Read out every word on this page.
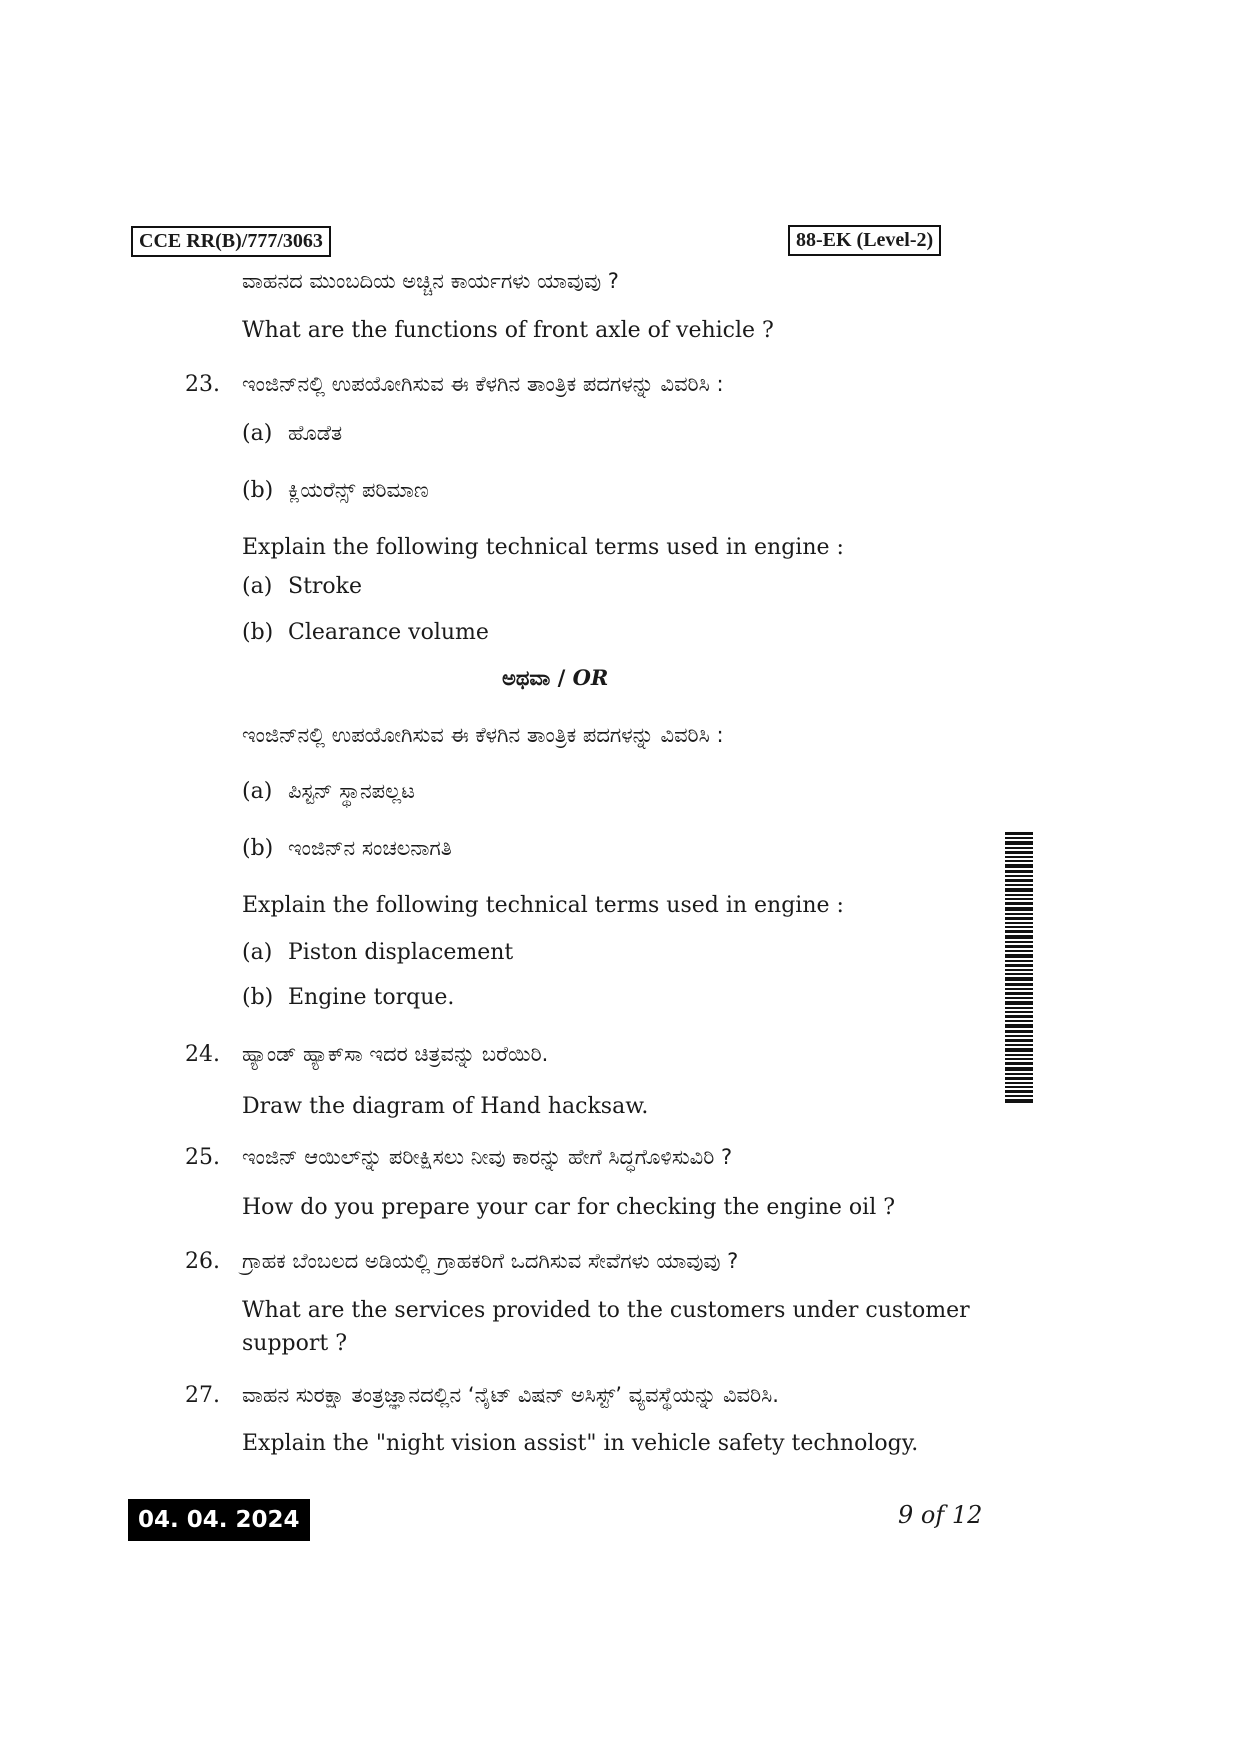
CCE RR(B)/777/3063	88-EK (Level-2)
ವಾಹನದ ಮುಂಬದಿಯ ಅಚ್ಚಿನ ಕಾರ್ಯಗಳು ಯಾವುವು ?
What are the functions of front axle of vehicle ?
23. ಇಂಜಿನ್‌ನಲ್ಲಿ ಉಪಯೋಗಿಸುವ ಈ ಕೆಳಗಿನ ತಾಂತ್ರಿಕ ಪದಗಳನ್ನು ವಿವರಿಸಿ :
(a) ಹೊಡೆತ
(b) ಕ್ಲಿಯರೆನ್ಸ್ ಪರಿಮಾಣ
Explain the following technical terms used in engine :
(a) Stroke
(b) Clearance volume
ಅಥವಾ / OR
ಇಂಜಿನ್‌ನಲ್ಲಿ ಉಪಯೋಗಿಸುವ ಈ ಕೆಳಗಿನ ತಾಂತ್ರಿಕ ಪದಗಳನ್ನು ವಿವರಿಸಿ :
(a) ಪಿಸ್ಟನ್ ಸ್ಥಾನಪಲ್ಲಟ
(b) ಇಂಜಿನ್‌ನ ಸಂಚಲನಾಗತಿ
Explain the following technical terms used in engine :
(a) Piston displacement
(b) Engine torque.
24. ಹ್ಯಾಂಡ್ ಹ್ಯಾಕ್‌ಸಾ ಇದರ ಚಿತ್ರವನ್ನು ಬರೆಯಿರಿ.
Draw the diagram of Hand hacksaw.
25. ಇಂಜಿನ್ ಆಯಿಲ್‌ನ್ನು ಪರೀಕ್ಷಿಸಲು ನೀವು ಕಾರನ್ನು ಹೇಗೆ ಸಿದ್ಧಗೊಳಿಸುವಿರಿ ?
How do you prepare your car for checking the engine oil ?
26. ಗ್ರಾಹಕ ಬೆಂಬಲದ ಅಡಿಯಲ್ಲಿ ಗ್ರಾಹಕರಿಗೆ ಒದಗಿಸುವ ಸೇವೆಗಳು ಯಾವುವು ?
What are the services provided to the customers under customer
support ?
27. ವಾಹನ ಸುರಕ್ಷಾ ತಂತ್ರಜ್ಞಾನದಲ್ಲಿನ ‘ನೈಟ್ ವಿಷನ್ ಅಸಿಸ್ಟ್’ ವ್ಯವಸ್ಥೆಯನ್ನು ವಿವರಿಸಿ.
Explain the "night vision assist" in vehicle safety technology.
04. 04. 2024	9 of 12
